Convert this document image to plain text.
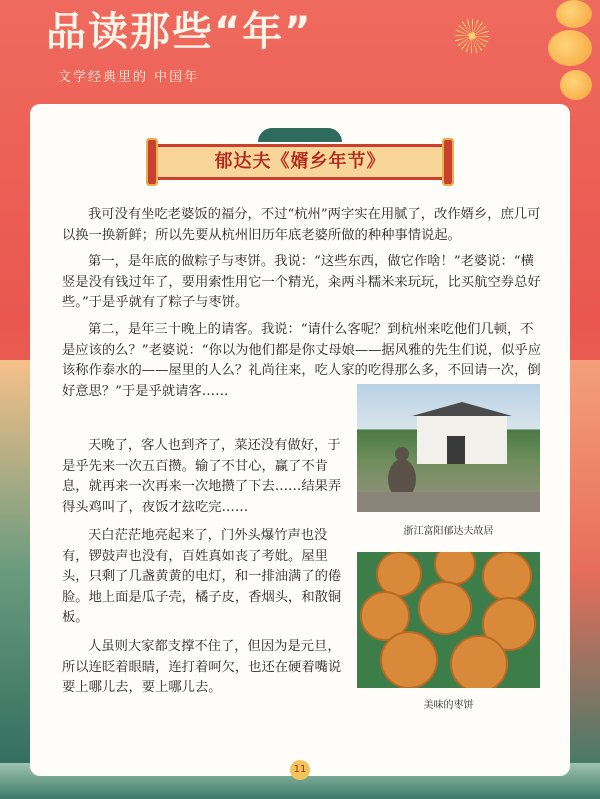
品读那些“年”
文学经典里的 中国年
郁达夫《婿乡年节》
我可没有坐吃老婆饭的福分，不过“杭州”两字实在用腻了，改作婿乡，庶几可以换一换新鲜；所以先要从杭州旧历年底老婆所做的种种事情说起。
第一，是年底的做粽子与枣饼。我说：“这些东西，做它作啥！”老婆说：“横竖是没有钱过年了，要用索性用它一个精光，籴两斗糯米来玩玩，比买航空券总好些。”于是乎就有了粽子与枣饼。
第二，是年三十晚上的请客。我说：“请什么客呢？到杭州来吃他们几顿，不是应该的么？”老婆说：“你以为他们都是你丈母娘——据风雅的先生们说，似乎应该称作泰水的——屋里的人么？礼尚往来，吃人家的吃得那么多，不回请一次，倒好意思？”于是乎就请客……
天晚了，客人也到齐了，菜还没有做好，于是乎先来一次五百攒。输了不甘心，赢了不肯息，就再来一次再来一次地攒了下去……结果弄得头鸡叫了，夜饭才玆吃完……
天白茫茫地亮起来了，门外头爆竹声也没有，锣鼓声也没有，百姓真如丧了考妣。屋里头，只剩了几盏黄黄的电灯，和一排油满了的倦脸。地上面是瓜子壳，橘子皮，香烟头，和散铜板。
人虽则大家都支撑不住了，但因为是元旦，所以连眨着眼睛，连打着呵欠，也还在硬着嘴说要上哪儿去，要上哪儿去。
浙江富阳郁达夫故居
美味的枣饼
11
